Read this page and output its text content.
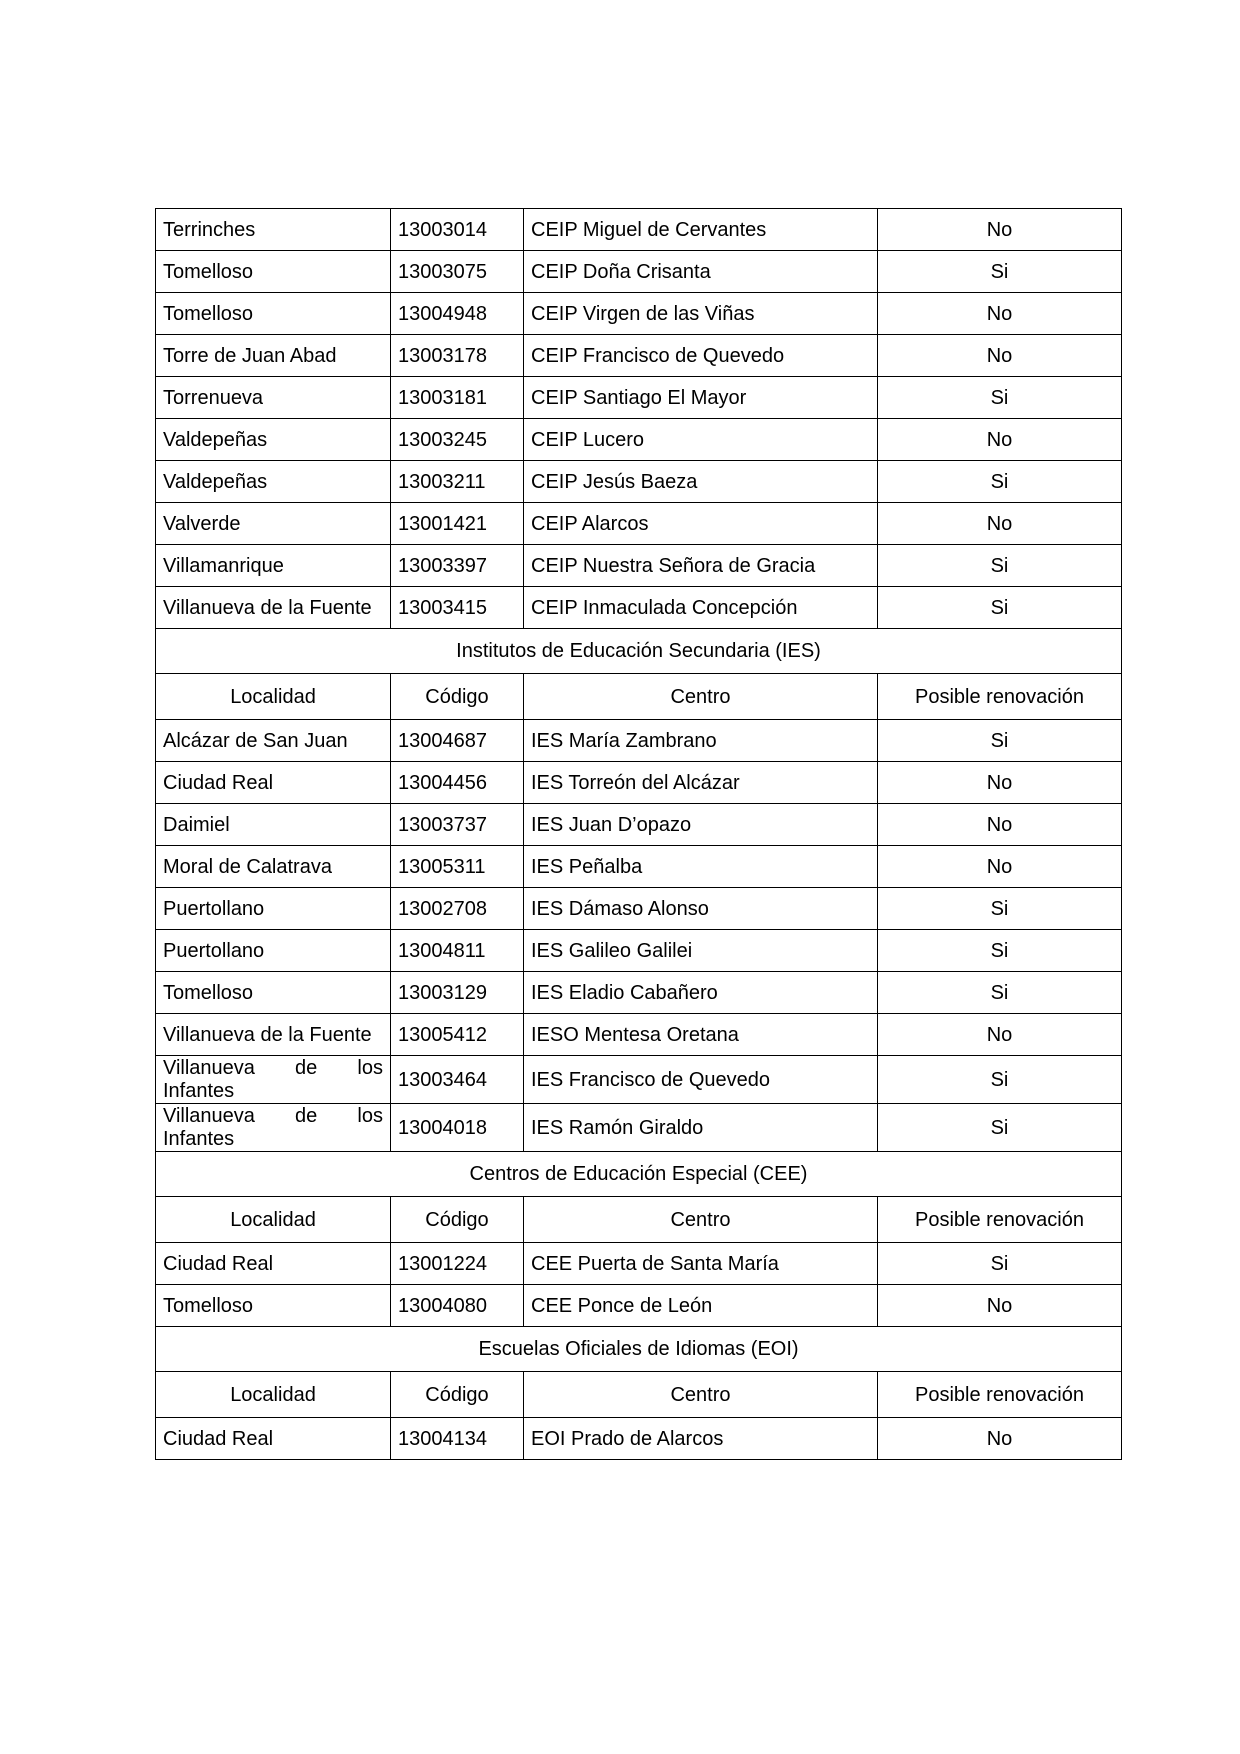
Terrinches	13003014	CEIP Miguel de Cervantes	No
Tomelloso	13003075	CEIP Doña Crisanta	Si
Tomelloso	13004948	CEIP Virgen de las Viñas	No
Torre de Juan Abad	13003178	CEIP Francisco de Quevedo	No
Torrenueva	13003181	CEIP Santiago El Mayor	Si
Valdepeñas	13003245	CEIP Lucero	No
Valdepeñas	13003211	CEIP Jesús Baeza	Si
Valverde	13001421	CEIP Alarcos	No
Villamanrique	13003397	CEIP Nuestra Señora de Gracia	Si
Villanueva de la Fuente	13003415	CEIP Inmaculada Concepción	Si
Institutos de Educación Secundaria (IES)			
Localidad	Código	Centro	Posible renovación
Alcázar de San Juan	13004687	IES María Zambrano	Si
Ciudad Real	13004456	IES Torreón del Alcázar	No
Daimiel	13003737	IES Juan D’opazo	No
Moral de Calatrava	13005311	IES Peñalba	No
Puertollano	13002708	IES Dámaso Alonso	Si
Puertollano	13004811	IES Galileo Galilei	Si
Tomelloso	13003129	IES Eladio Cabañero	Si
Villanueva de la Fuente	13005412	IESO Mentesa Oretana	No
Villanueva de los Infantes	13003464	IES Francisco de Quevedo	Si
Villanueva de los Infantes	13004018	IES Ramón Giraldo	Si
Centros de Educación Especial (CEE)			
Localidad	Código	Centro	Posible renovación
Ciudad Real	13001224	CEE Puerta de Santa María	Si
Tomelloso	13004080	CEE Ponce de León	No
Escuelas Oficiales de Idiomas (EOI)			
Localidad	Código	Centro	Posible renovación
Ciudad Real	13004134	EOI Prado de Alarcos	No
